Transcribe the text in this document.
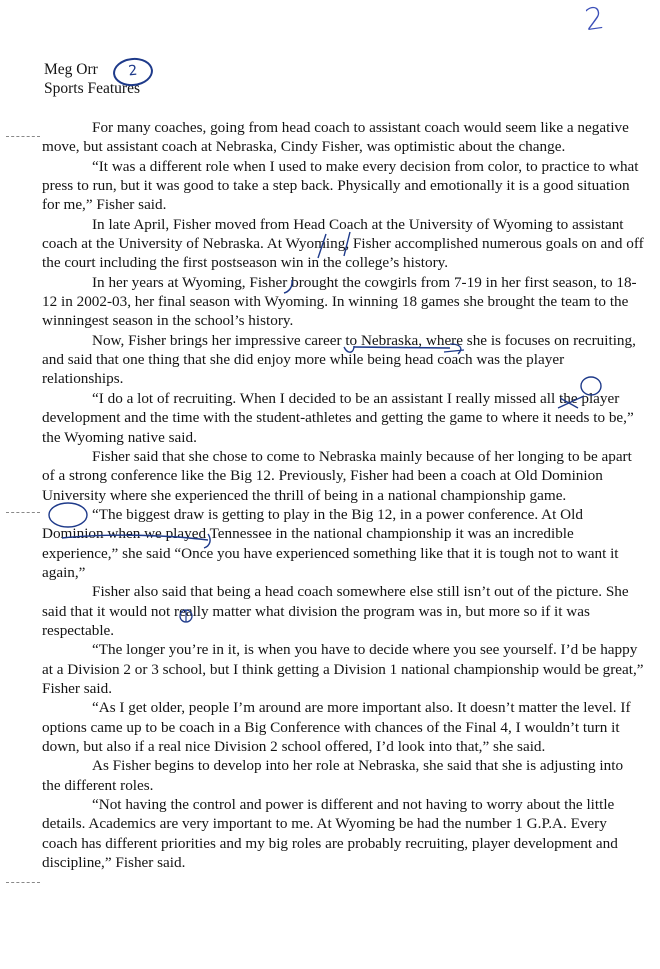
2
Meg Orr
Sports Features
2

For many coaches, going from head coach to assistant coach would seem like a negative move, but assistant coach at Nebraska, Cindy Fisher, was optimistic about the change.

“It was a different role when I used to make every decision from color, to practice to what press to run, but it was good to take a step back. Physically and emotionally it is a good situation for me,” Fisher said.

In late April, Fisher moved from Head Coach at the University of Wyoming to assistant coach at the University of Nebraska. At Wyoming, Fisher accomplished numerous goals on and off the court including the first postseason win in the college’s history.

In her years at Wyoming, Fisher brought the cowgirls from 7-19 in her first season, to 18-12 in 2002-03, her final season with Wyoming. In winning 18 games she brought the team to the winningest season in the school’s history.

Now, Fisher brings her impressive career to Nebraska, where she is focuses on recruiting, and said that one thing that she did enjoy more while being head coach was the player relationships.

“I do a lot of recruiting. When I decided to be an assistant I really missed all the player development and the time with the student-athletes and getting the game to where it needs to be,” the Wyoming native said.

Fisher said that she chose to come to Nebraska mainly because of her longing to be apart of a strong conference like the Big 12. Previously, Fisher had been a coach at Old Dominion University where she experienced the thrill of being in a national championship game.

“The biggest draw is getting to play in the Big 12, in a power conference. At Old Dominion when we played Tennessee in the national championship it was an incredible experience,” she said “Once you have experienced something like that it is tough not to want it again,”

Fisher also said that being a head coach somewhere else still isn’t out of the picture. She said that it would not really matter what division the program was in, but more so if it was respectable.

“The longer you’re in it, is when you have to decide where you see yourself. I’d be happy at a Division 2 or 3 school, but I think getting a Division 1 national championship would be great,” Fisher said.

“As I get older, people I’m around are more important also. It doesn’t matter the level. If options came up to be coach in a Big Conference with chances of the Final 4, I wouldn’t turn it down, but also if a real nice Division 2 school offered, I’d look into that,” she said.

As Fisher begins to develop into her role at Nebraska, she said that she is adjusting into the different roles.

“Not having the control and power is different and not having to worry about the little details. Academics are very important to me. At Wyoming be had the number 1 G.P.A. Every coach has different priorities and my big roles are probably recruiting, player development and discipline,” Fisher said.
